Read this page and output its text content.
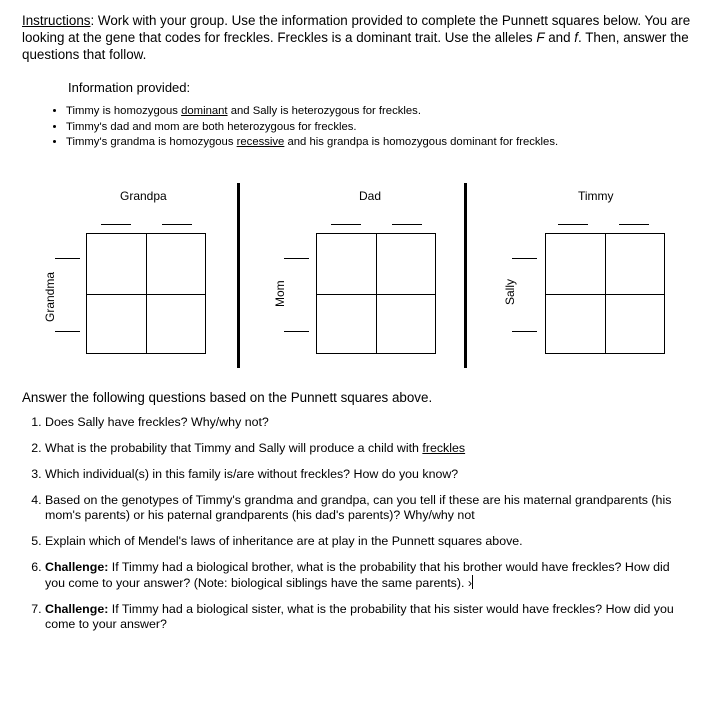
Instructions: Work with your group. Use the information provided to complete the Punnett squares below. You are looking at the gene that codes for freckles. Freckles is a dominant trait. Use the alleles F and f. Then, answer the questions that follow.
Information provided:
• Timmy is homozygous dominant and Sally is heterozygous for freckles.
• Timmy's dad and mom are both heterozygous for freckles.
• Timmy's grandma is homozygous recessive and his grandpa is homozygous dominant for freckles.
Grandpa
Grandma
Dad
Mom
Timmy
Sally
Answer the following questions based on the Punnett squares above.
1. Does Sally have freckles? Why/why not?
2. What is the probability that Timmy and Sally will produce a child with freckles
3. Which individual(s) in this family is/are without freckles? How do you know?
4. Based on the genotypes of Timmy's grandma and grandpa, can you tell if these are his maternal grandparents (his mom's parents) or his paternal grandparents (his dad's parents)? Why/why not
5. Explain which of Mendel's laws of inheritance are at play in the Punnett squares above.
6. Challenge: If Timmy had a biological brother, what is the probability that his brother would have freckles? How did you come to your answer? (Note: biological siblings have the same parents). ›
7. Challenge: If Timmy had a biological sister, what is the probability that his sister would have freckles? How did you come to your answer?
